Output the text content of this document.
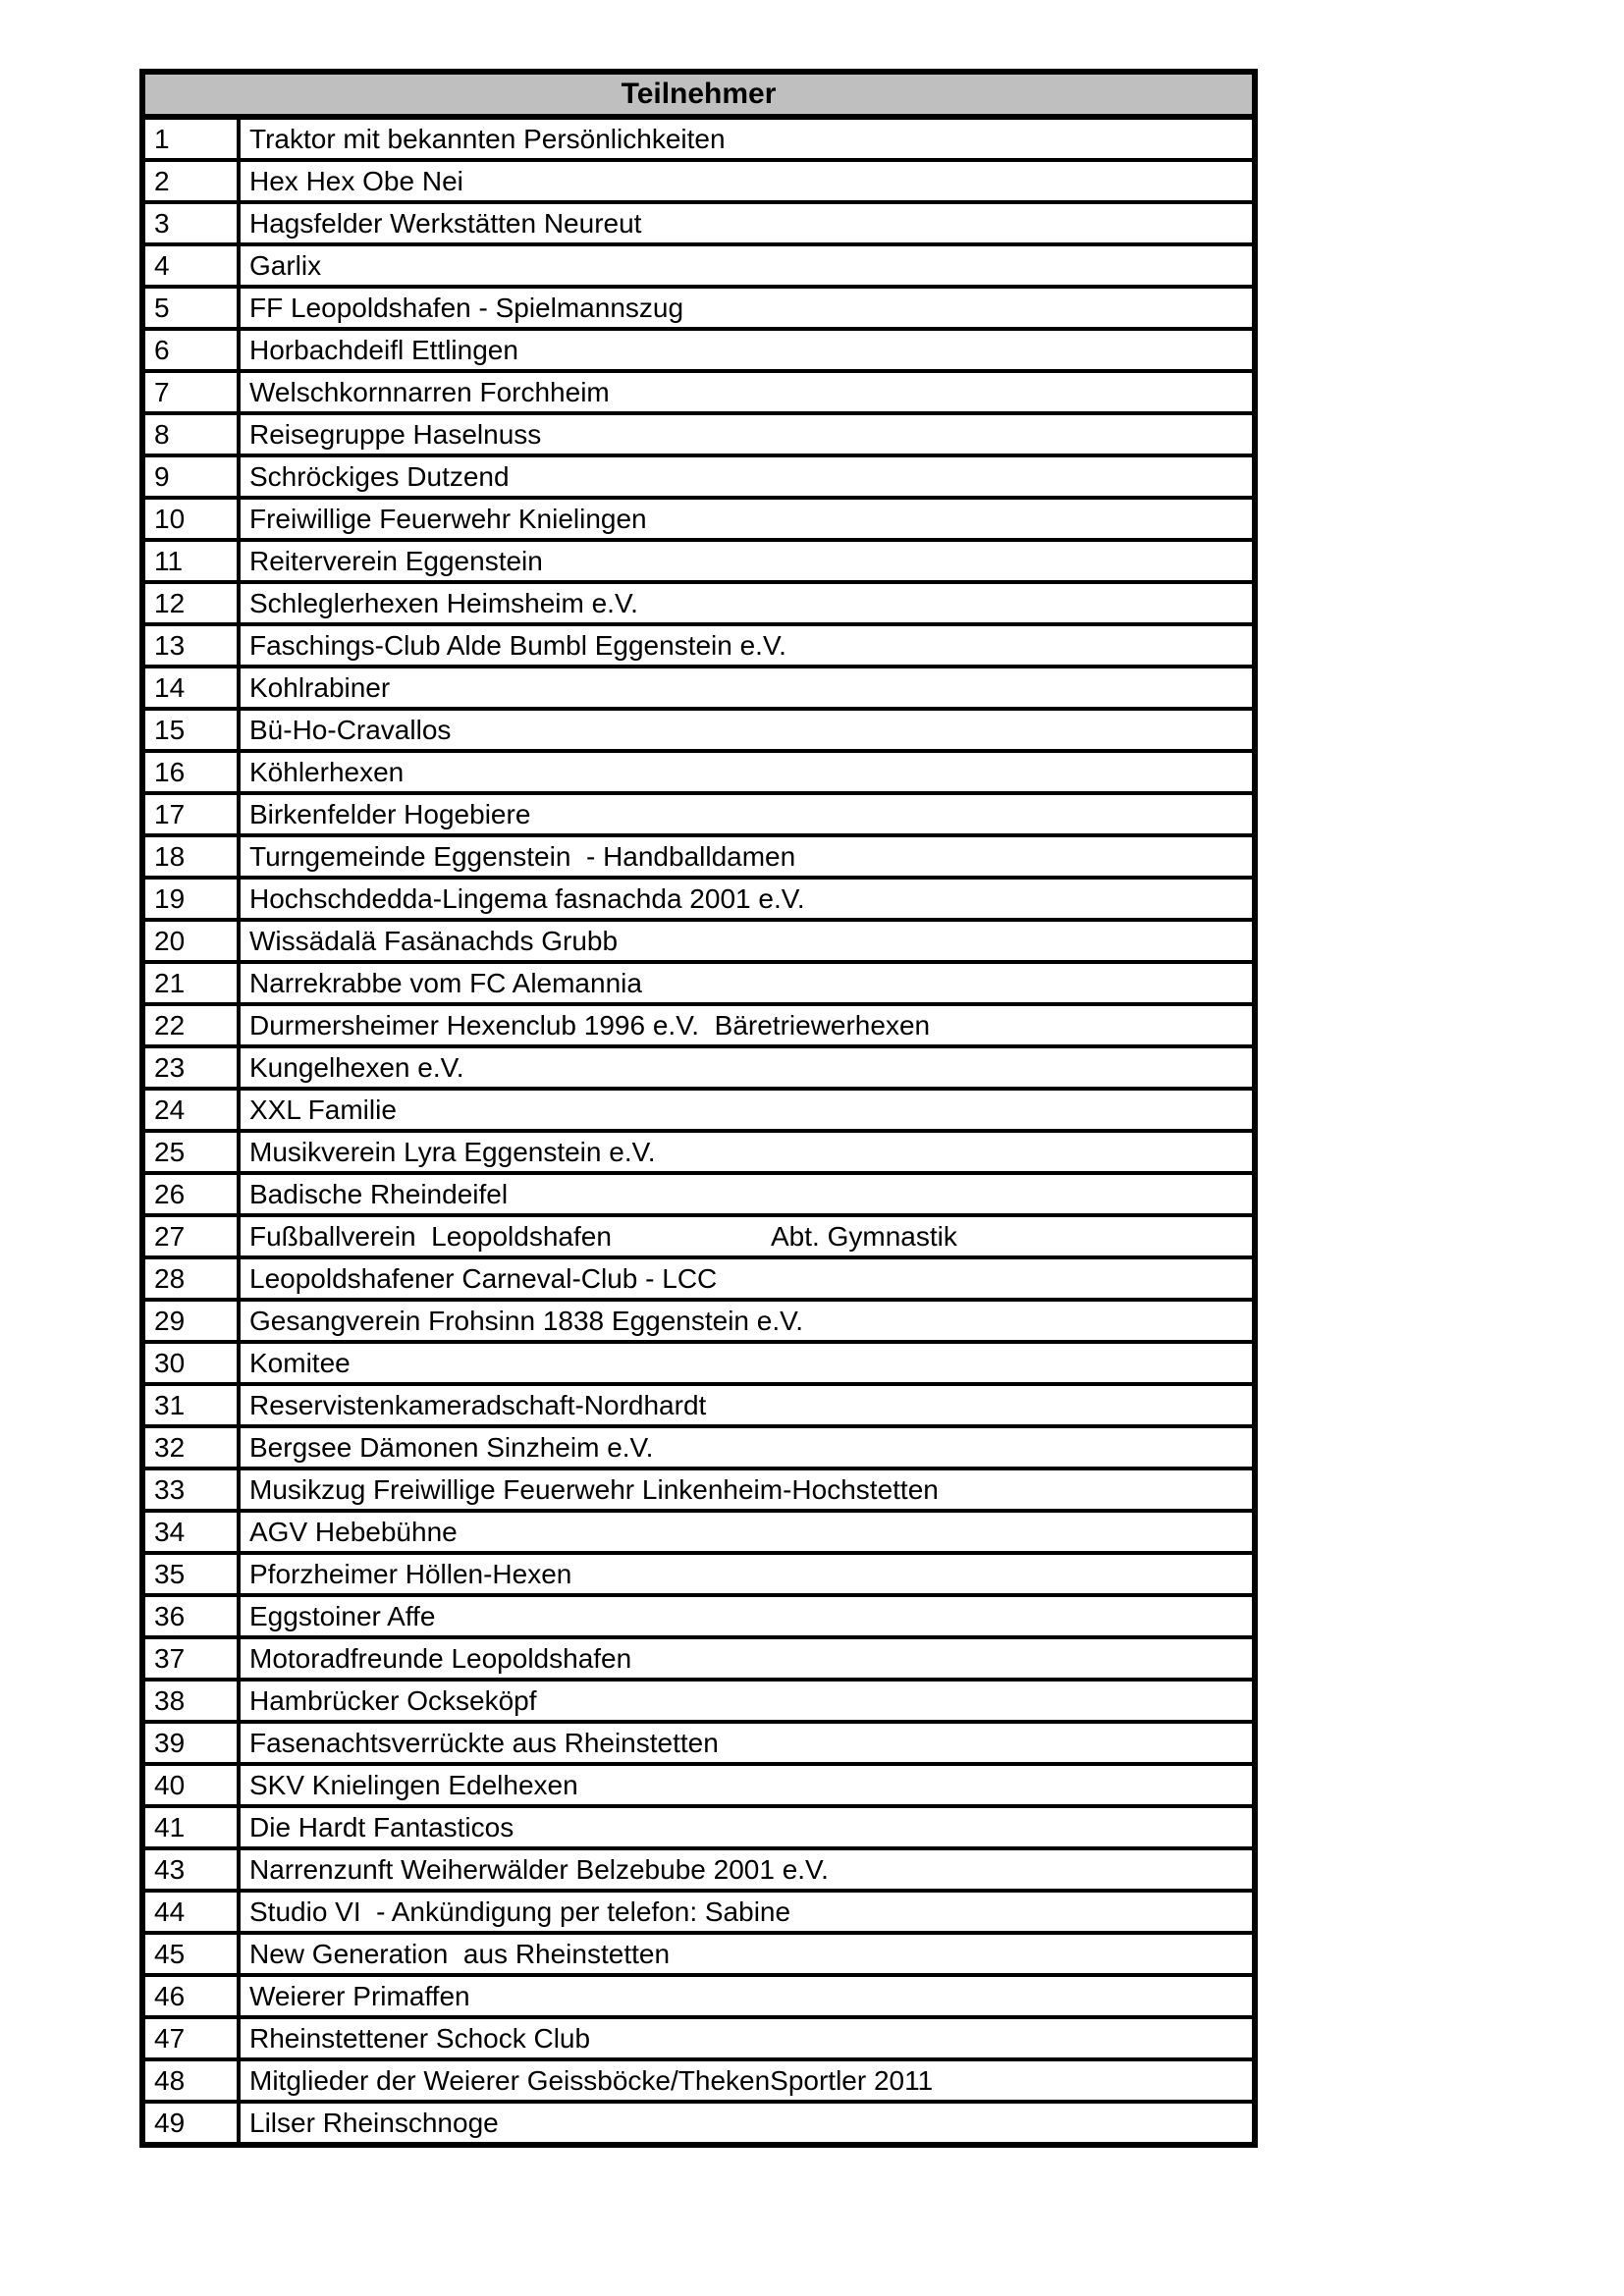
Teilnehmer	
1	Traktor mit bekannten Persönlichkeiten
2	Hex Hex Obe Nei
3	Hagsfelder Werkstätten Neureut
4	Garlix
5	FF Leopoldshafen - Spielmannszug
6	Horbachdeifl Ettlingen
7	Welschkornnarren Forchheim
8	Reisegruppe Haselnuss
9	Schröckiges Dutzend
10	Freiwillige Feuerwehr Knielingen
11	Reiterverein Eggenstein
12	Schleglerhexen Heimsheim e.V.
13	Faschings-Club Alde Bumbl Eggenstein e.V.
14	Kohlrabiner
15	Bü-Ho-Cravallos
16	Köhlerhexen
17	Birkenfelder Hogebiere
18	Turngemeinde Eggenstein  - Handballdamen
19	Hochschdedda-Lingema fasnachda 2001 e.V.
20	Wissädalä Fasänachds Grubb
21	Narrekrabbe vom FC Alemannia
22	Durmersheimer Hexenclub 1996 e.V.  Bäretriewerhexen
23	Kungelhexen e.V.
24	XXL Familie
25	Musikverein Lyra Eggenstein e.V.
26	Badische Rheindeifel
27	Fußballverein  Leopoldshafen Abt. Gymnastik

28	Leopoldshafener Carneval-Club - LCC
29	Gesangverein Frohsinn 1838 Eggenstein e.V.
30	Komitee
31	Reservistenkameradschaft-Nordhardt
32	Bergsee Dämonen Sinzheim e.V.
33	Musikzug Freiwillige Feuerwehr Linkenheim-Hochstetten
34	AGV Hebebühne
35	Pforzheimer Höllen-Hexen
36	Eggstoiner Affe
37	Motoradfreunde Leopoldshafen
38	Hambrücker Ockseköpf
39	Fasenachtsverrückte aus Rheinstetten
40	SKV Knielingen Edelhexen
41	Die Hardt Fantasticos
43	Narrenzunft Weiherwälder Belzebube 2001 e.V.
44	Studio VI  - Ankündigung per telefon: Sabine
45	New Generation  aus Rheinstetten
46	Weierer Primaffen
47	Rheinstettener Schock Club
48	Mitglieder der Weierer Geissböcke/ThekenSportler 2011
49	Lilser Rheinschnoge
